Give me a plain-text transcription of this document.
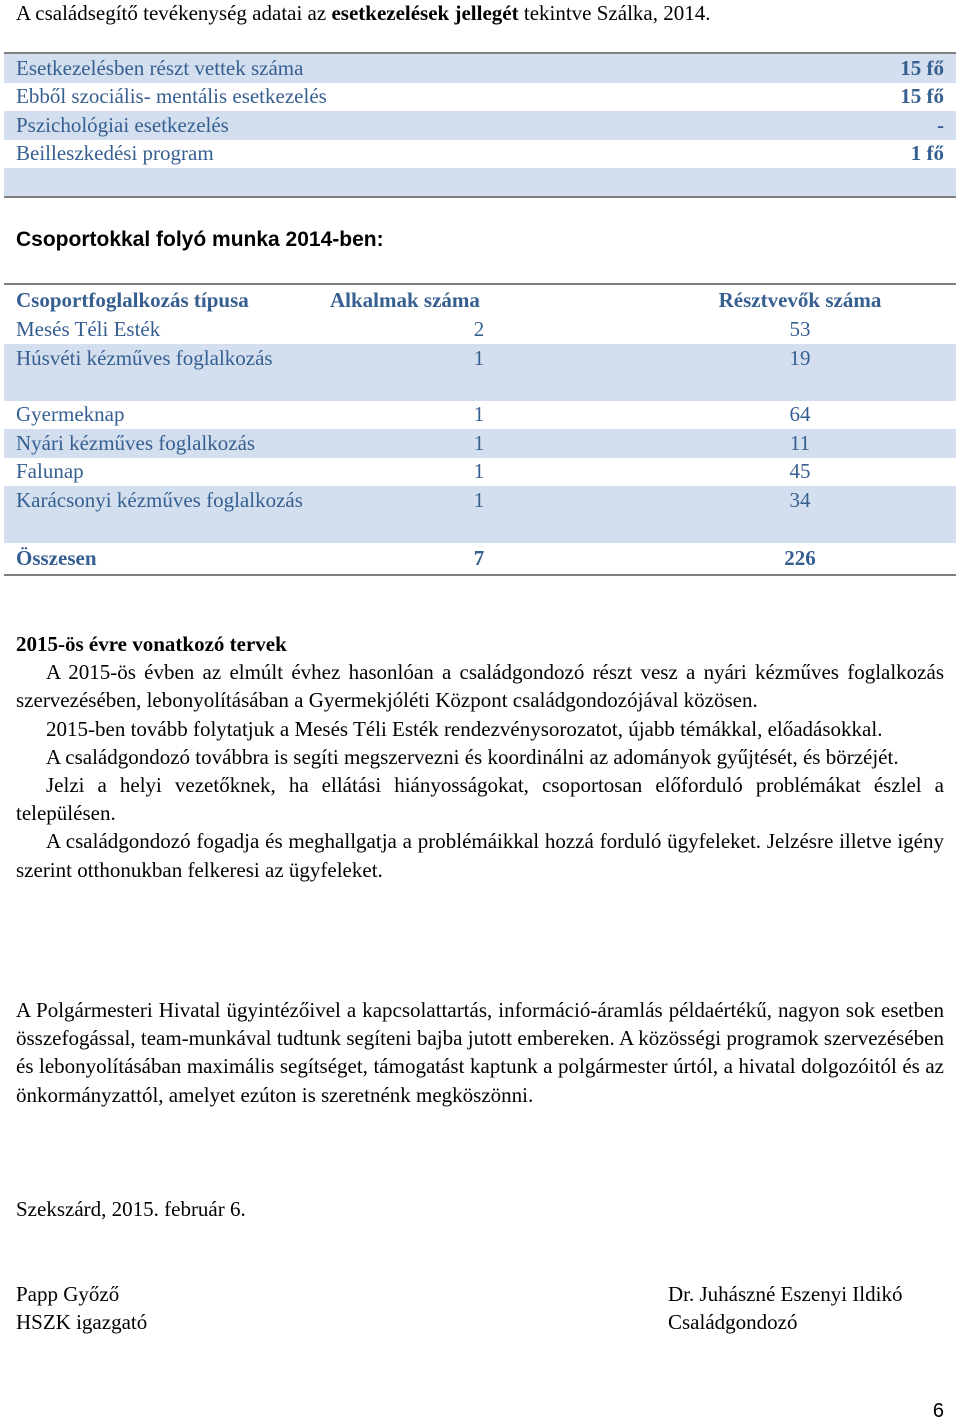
A családsegítő tevékenység adatai az esetkezelések jellegét tekintve Szálka, 2014.
Esetkezelésben részt vettek száma	15 fő
Ebből szociális- mentális esetkezelés	15 fő
Pszichológiai esetkezelés	-
Beilleszkedési program	1 fő
Csoportokkal folyó munka 2014-ben:
Csoportfoglalkozás típusa	Alkalmak száma	Résztvevők száma
Mesés Téli Esték	2	53
Húsvéti kézműves foglalkozás	1	19
Gyermeknap	1	64
Nyári kézműves foglalkozás	1	11
Falunap	1	45
Karácsonyi kézműves foglalkozás	1	34
Összesen	7	226

2015-ös évre vonatkozó tervek

A 2015-ös évben az elmúlt évhez hasonlóan a családgondozó részt vesz a nyári kézműves foglalkozás szervezésében, lebonyolításában a Gyermekjóléti Központ családgondozójával közösen.

2015-ben tovább folytatjuk a Mesés Téli Esték rendezvénysorozatot, újabb témákkal, előadásokkal.

A családgondozó továbbra is segíti megszervezni és koordinálni az adományok gyűjtését, és börzéjét.

Jelzi a helyi vezetőknek, ha ellátási hiányosságokat, csoportosan előforduló problémákat észlel a településen.

A családgondozó fogadja és meghallgatja a problémáikkal hozzá forduló ügyfeleket. Jelzésre illetve igény szerint otthonukban felkeresi az ügyfeleket.

A Polgármesteri Hivatal ügyintézőivel a kapcsolattartás, információ-áramlás példaértékű, nagyon sok esetben összefogással, team-munkával tudtunk segíteni bajba jutott embereken. A közösségi programok szervezésében és lebonyolításában maximális segítséget, támogatást kaptunk a polgármester úrtól, a hivatal dolgozóitól és az önkormányzattól, amelyet ezúton is szeretnénk megköszönni.

Szekszárd, 2015. február 6.
Papp Győző
HSZK igazgató
Dr. Juhászné Eszenyi Ildikó
Családgondozó
6
